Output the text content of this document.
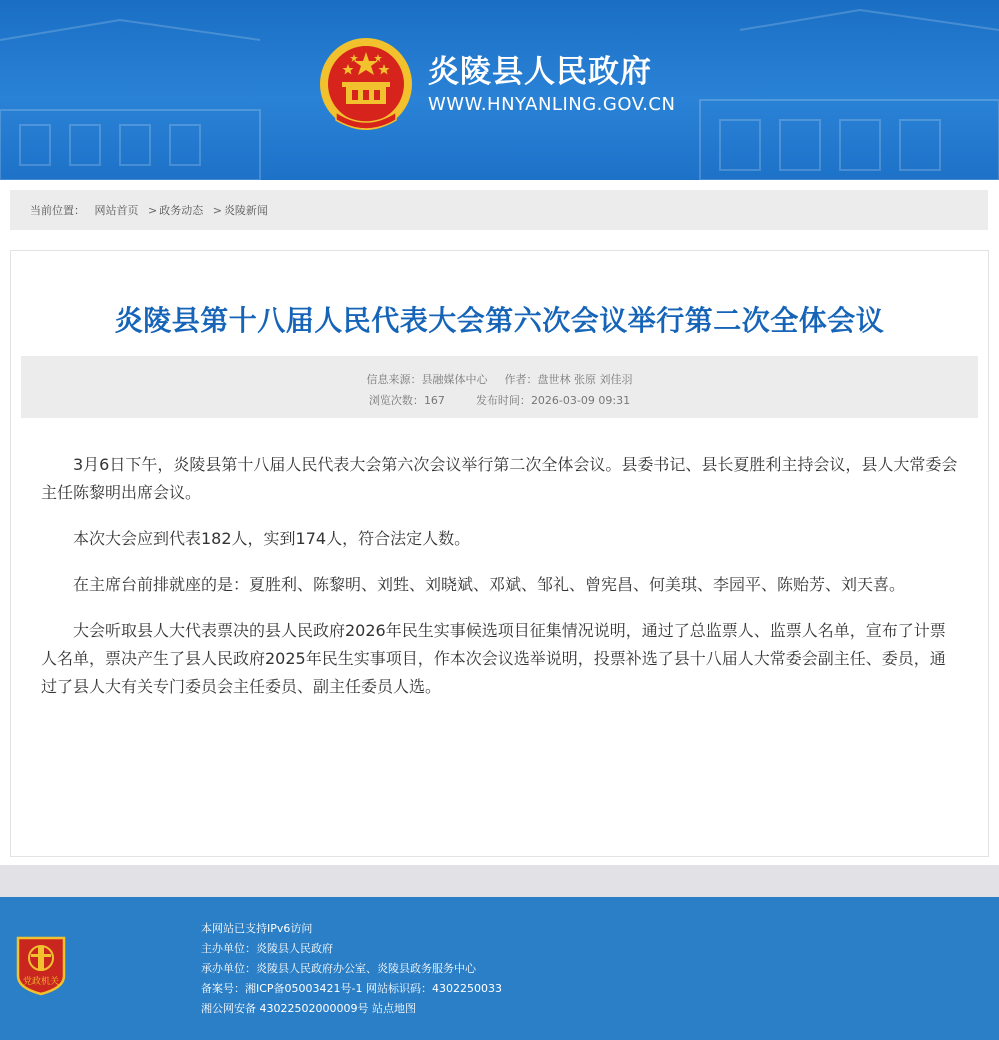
炎陵县人民政府
WWW.HNYANLING.GOV.CN
当前位置： 网站首页 > 政务动态 > 炎陵新闻
炎陵县第十八届人民代表大会第六次会议举行第二次全体会议
信息来源：县融媒体中心 作者：盘世林 张原 刘佳羽
浏览次数：167	发布时间：2026-03-09 09:31

3月6日下午，炎陵县第十八届人民代表大会第六次会议举行第二次全体会议。县委书记、县长夏胜利主持会议，县人大常委会主任陈黎明出席会议。

本次大会应到代表182人，实到174人，符合法定人数。

在主席台前排就座的是：夏胜利、陈黎明、刘甡、刘晓斌、邓斌、邹礼、曾宪昌、何美琪、李园平、陈贻芳、刘天喜。

大会听取县人大代表票决的县人民政府2026年民生实事候选项目征集情况说明，通过了总监票人、监票人名单，宣布了计票人名单，票决产生了县人民政府2025年民生实事项目，作本次会议选举说明，投票补选了县十八届人大常委会副主任、委员，通过了县人大有关专门委员会主任委员、副主任委员人选。

党政机关
本网站已支持IPv6访问
主办单位：炎陵县人民政府
承办单位：炎陵县人民政府办公室、炎陵县政务服务中心
备案号：湘ICP备05003421号-1 网站标识码：4302250033
湘公网安备 43022502000009号 站点地图
